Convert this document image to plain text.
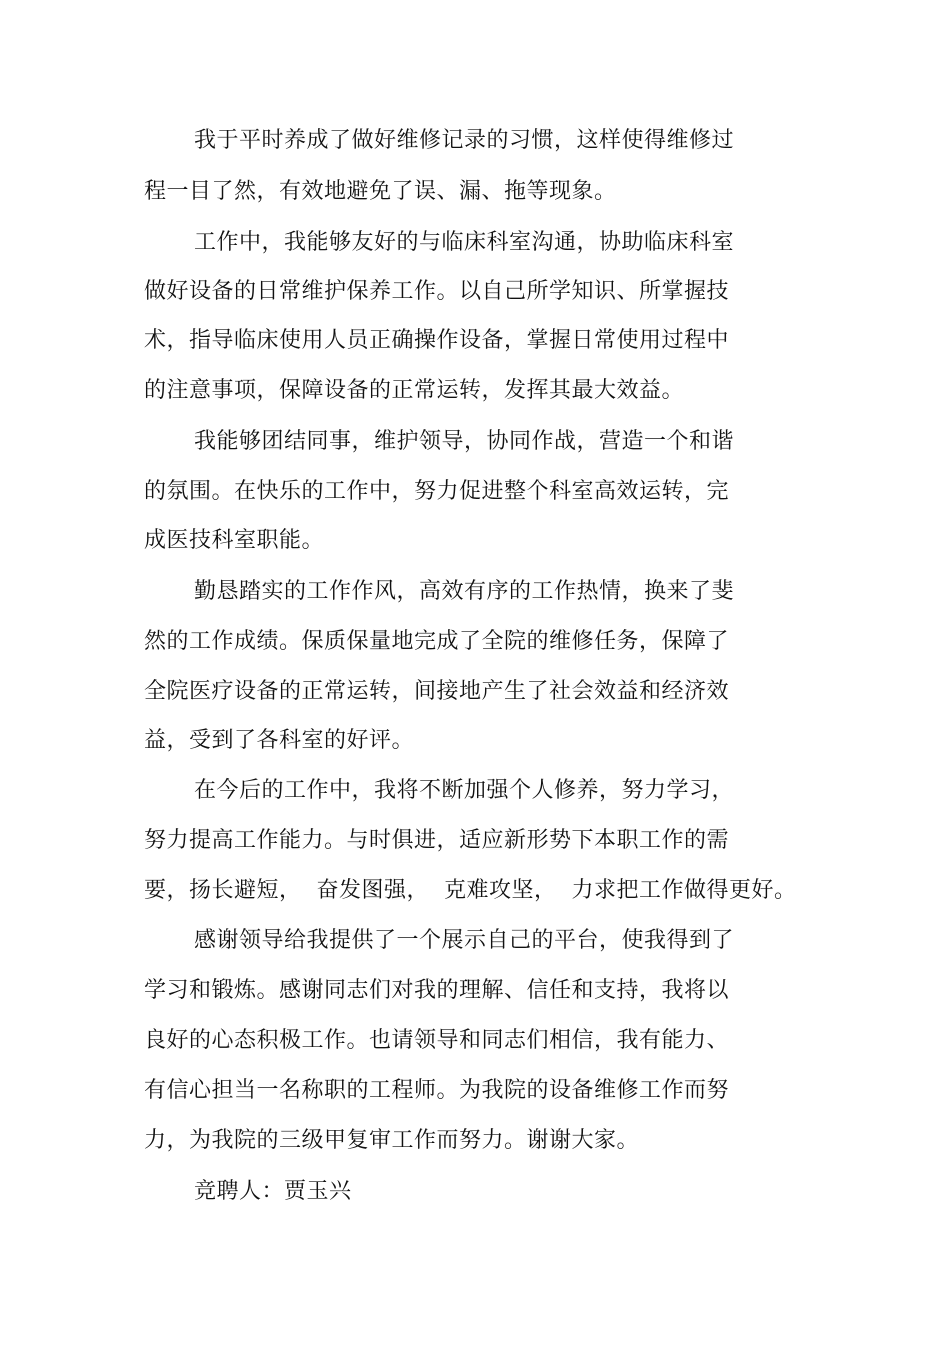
我于平时养成了做好维修记录的习惯，这样使得维修过
程一目了然，有效地避免了误、漏、拖等现象。
工作中，我能够友好的与临床科室沟通，协助临床科室
做好设备的日常维护保养工作。以自己所学知识、所掌握技
术，指导临床使用人员正确操作设备，掌握日常使用过程中
的注意事项，保障设备的正常运转，发挥其最大效益。
我能够团结同事，维护领导，协同作战，营造一个和谐
的氛围。在快乐的工作中，努力促进整个科室高效运转，完
成医技科室职能。
勤恳踏实的工作作风，高效有序的工作热情，换来了斐
然的工作成绩。保质保量地完成了全院的维修任务，保障了
全院医疗设备的正常运转，间接地产生了社会效益和经济效
益，受到了各科室的好评。
在今后的工作中，我将不断加强个人修养，努力学习，
努力提高工作能力。与时俱进，适应新形势下本职工作的需
要，扬长避短，  奋发图强，  克难攻坚，  力求把工作做得更好。
感谢领导给我提供了一个展示自己的平台，使我得到了
学习和锻炼。感谢同志们对我的理解、信任和支持，我将以
良好的心态积极工作。也请领导和同志们相信，我有能力、
有信心担当一名称职的工程师。为我院的设备维修工作而努
力，为我院的三级甲复审工作而努力。谢谢大家。
竞聘人：贾玉兴
